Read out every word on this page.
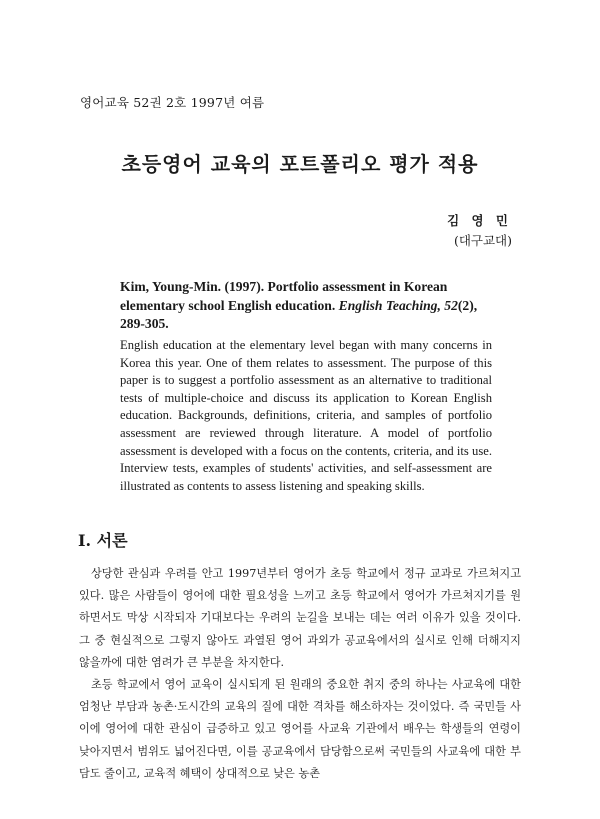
영어교육 52권 2호 1997년 여름
초등영어 교육의 포트폴리오 평가 적용
김 영 민
(대구교대)
Kim, Young-Min. (1997). Portfolio assessment in Korean elementary school English education. English Teaching, 52(2), 289-305.
English education at the elementary level began with many concerns in Korea this year. One of them relates to assessment. The purpose of this paper is to suggest a portfolio assessment as an alternative to traditional tests of multiple-choice and discuss its application to Korean English education. Backgrounds, definitions, criteria, and samples of portfolio assessment are reviewed through literature. A model of portfolio assessment is developed with a focus on the contents, criteria, and its use. Interview tests, examples of students' activities, and self-assessment are illustrated as contents to assess listening and speaking skills.
I. 서론

상당한 관심과 우려를 안고 1997년부터 영어가 초등 학교에서 정규 교과로 가르쳐지고 있다. 많은 사람들이 영어에 대한 필요성을 느끼고 초등 학교에서 영어가 가르쳐지기를 원하면서도 막상 시작되자 기대보다는 우려의 눈길을 보내는 데는 여러 이유가 있을 것이다. 그 중 현실적으로 그렇지 않아도 과열된 영어 과외가 공교육에서의 실시로 인해 더해지지 않을까에 대한 염려가 큰 부분을 차지한다.

초등 학교에서 영어 교육이 실시되게 된 원래의 중요한 취지 중의 하나는 사교육에 대한 엄청난 부담과 농촌·도시간의 교육의 질에 대한 격차를 해소하자는 것이었다. 즉 국민들 사이에 영어에 대한 관심이 급증하고 있고 영어를 사교육 기관에서 배우는 학생들의 연령이 낮아지면서 범위도 넓어진다면, 이를 공교육에서 담당함으로써 국민들의 사교육에 대한 부담도 줄이고, 교육적 혜택이 상대적으로 낮은 농촌
